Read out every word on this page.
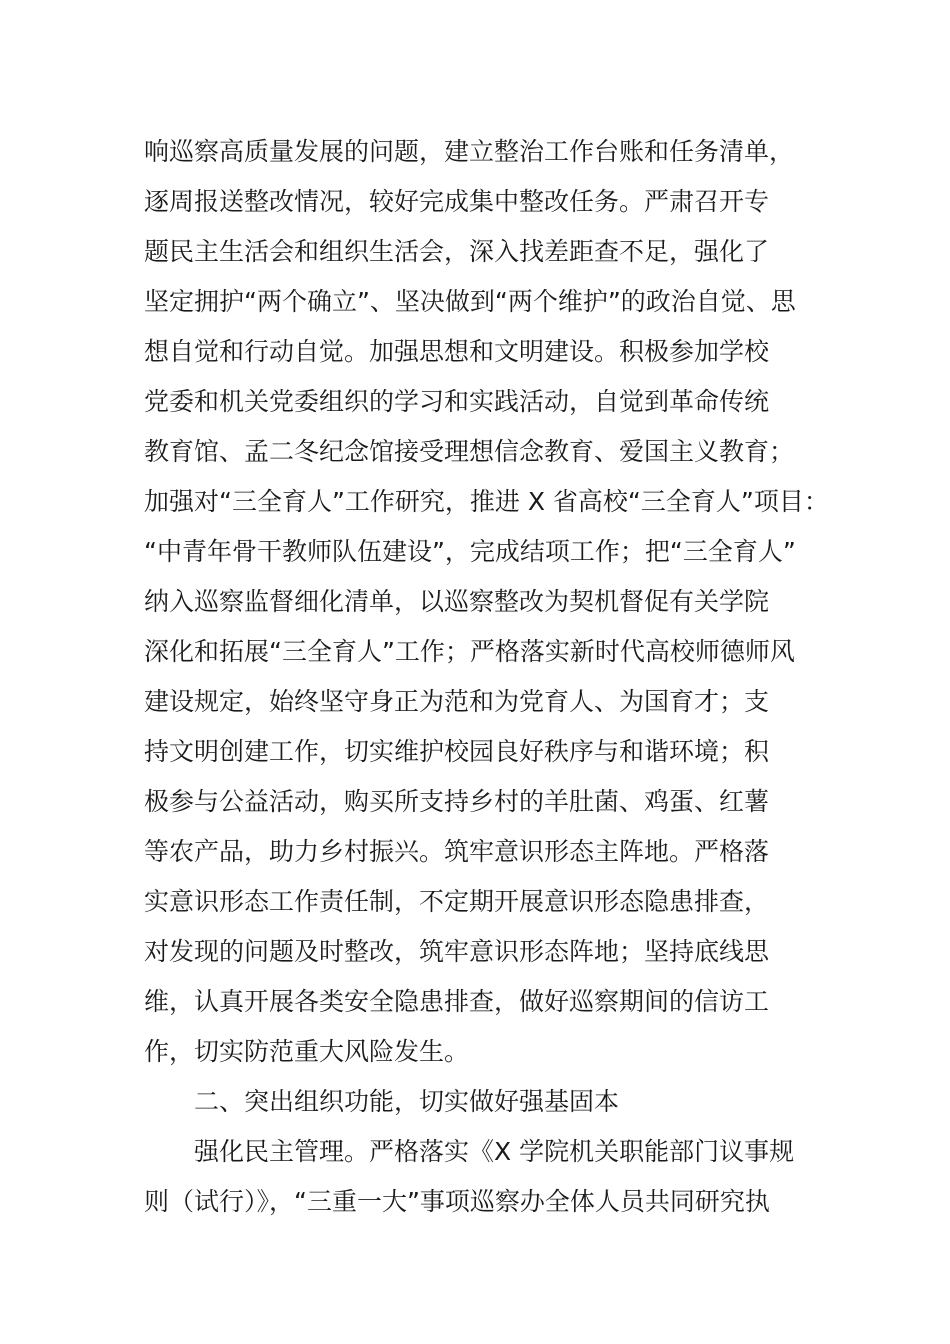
响巡察高质量发展的问题，建立整治工作台账和任务清单，

逐周报送整改情况，较好完成集中整改任务。严肃召开专

题民主生活会和组织生活会，深入找差距查不足，强化了

坚定拥护“两个确立”、坚决做到“两个维护”的政治自觉、思

想自觉和行动自觉。加强思想和文明建设。积极参加学校

党委和机关党委组织的学习和实践活动，自觉到革命传统

教育馆、孟二冬纪念馆接受理想信念教育、爱国主义教育；

加强对“三全育人”工作研究，推进 X 省高校“三全育人”项目：

“中青年骨干教师队伍建设”，完成结项工作；把“三全育人”

纳入巡察监督细化清单，以巡察整改为契机督促有关学院

深化和拓展“三全育人”工作；严格落实新时代高校师德师风

建设规定，始终坚守身正为范和为党育人、为国育才；支

持文明创建工作，切实维护校园良好秩序与和谐环境；积

极参与公益活动，购买所支持乡村的羊肚菌、鸡蛋、红薯

等农产品，助力乡村振兴。筑牢意识形态主阵地。严格落

实意识形态工作责任制，不定期开展意识形态隐患排查，

对发现的问题及时整改，筑牢意识形态阵地；坚持底线思

维，认真开展各类安全隐患排查，做好巡察期间的信访工

作，切实防范重大风险发生。

二、突出组织功能，切实做好强基固本

强化民主管理。严格落实《X 学院机关职能部门议事规

则（试行）》，“三重一大”事项巡察办全体人员共同研究执
